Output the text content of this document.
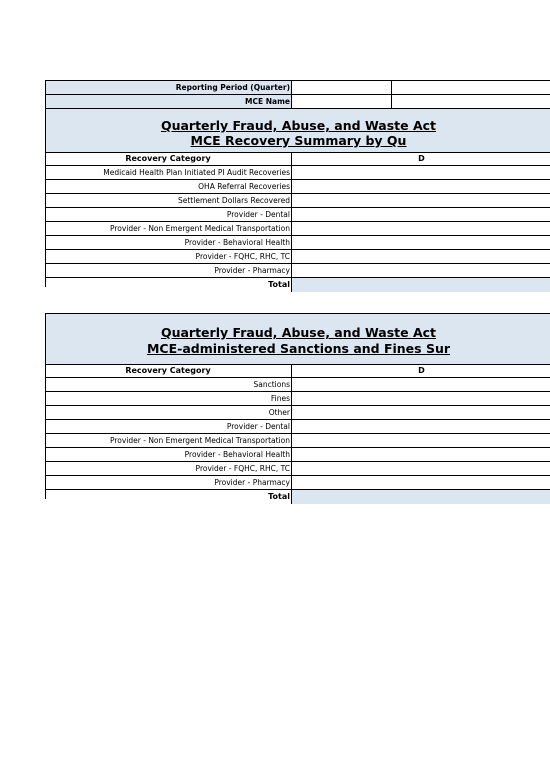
Reporting Period (Quarter)
MCE Name
Quarterly Fraud, Abuse, and Waste Act
MCE Recovery Summary by Qu
Recovery Category	D
Medicaid Health Plan Initiated PI Audit Recoveries
OHA Referral Recoveries
Settlement Dollars Recovered
Provider - Dental
Provider - Non Emergent Medical Transportation
Provider - Behavioral Health
Provider - FQHC, RHC, TC
Provider - Pharmacy
Total
Quarterly Fraud, Abuse, and Waste Act
MCE-administered Sanctions and Fines Sur
Recovery Category	D
Sanctions
Fines
Other
Provider - Dental
Provider - Non Emergent Medical Transportation
Provider - Behavioral Health
Provider - FQHC, RHC, TC
Provider - Pharmacy
Total
